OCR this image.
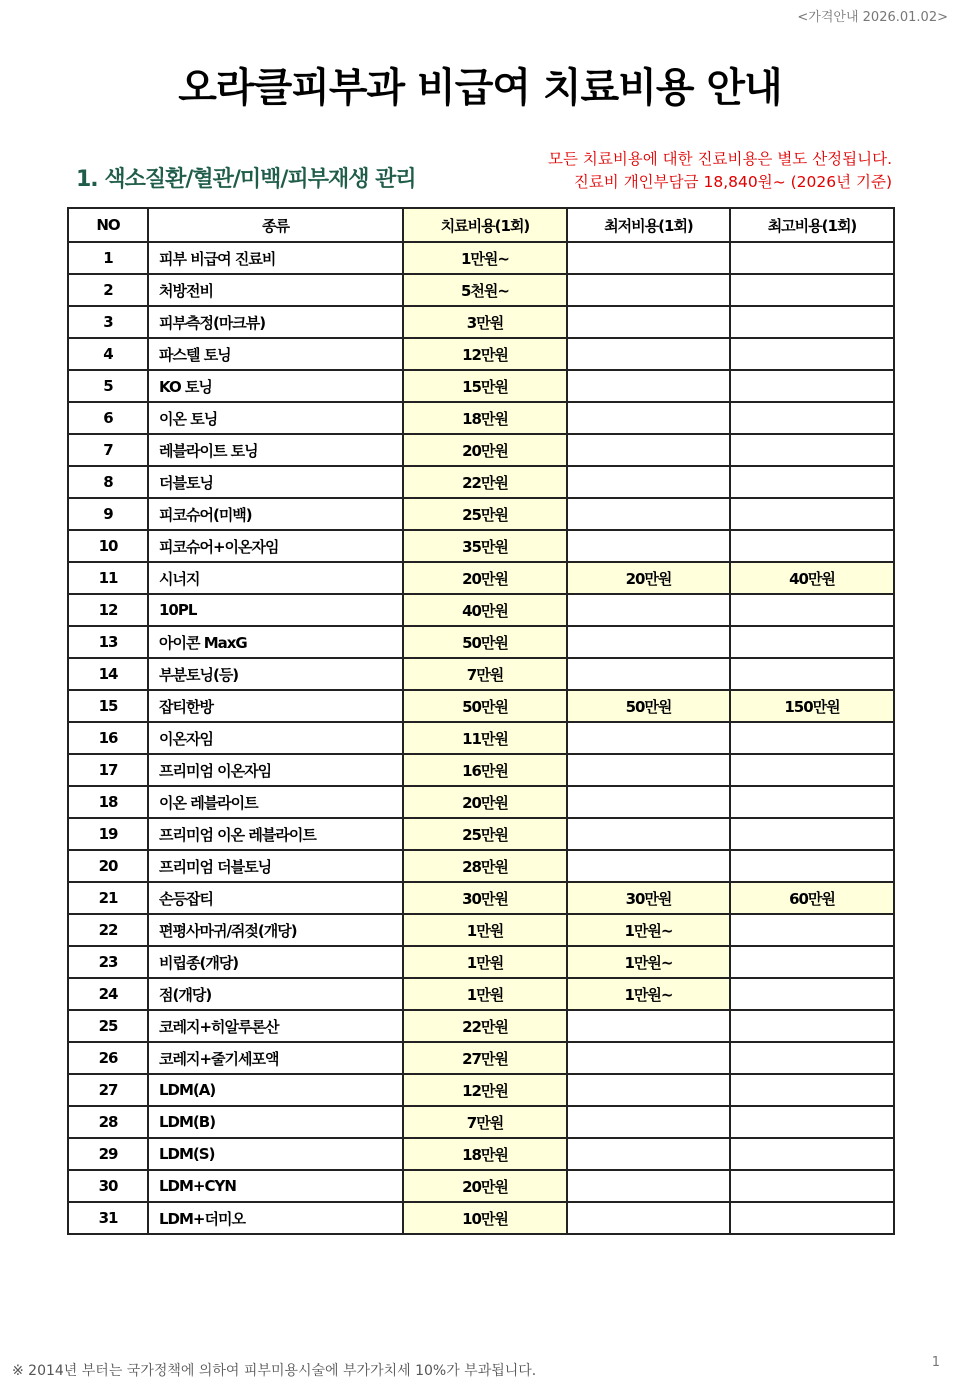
<가격안내 2026.01.02>
오라클피부과 비급여 치료비용 안내
1. 색소질환/혈관/미백/피부재생 관리
모든 치료비용에 대한 진료비용은 별도 산정됩니다.
진료비 개인부담금 18,840원~ (2026년 기준)
NO	종류	치료비용(1회)	최저비용(1회)	최고비용(1회)
1	피부 비급여 진료비	1만원~		
2	처방전비	5천원~		
3	피부측정(마크뷰)	3만원		
4	파스텔 토닝	12만원		
5	KO 토닝	15만원		
6	이온 토닝	18만원		
7	레블라이트 토닝	20만원		
8	더블토닝	22만원		
9	피코슈어(미백)	25만원		
10	피코슈어+이온자임	35만원		
11	시너지	20만원	20만원	40만원
12	10PL	40만원		
13	아이콘 MaxG	50만원		
14	부분토닝(등)	7만원		
15	잡티한방	50만원	50만원	150만원
16	이온자임	11만원		
17	프리미엄 이온자임	16만원		
18	이온 레블라이트	20만원		
19	프리미엄 이온 레블라이트	25만원		
20	프리미엄 더블토닝	28만원		
21	손등잡티	30만원	30만원	60만원
22	편평사마귀/쥐젖(개당)	1만원	1만원~	
23	비립종(개당)	1만원	1만원~	
24	점(개당)	1만원	1만원~	
25	코레지+히알루론산	22만원		
26	코레지+줄기세포액	27만원		
27	LDM(A)	12만원		
28	LDM(B)	7만원		
29	LDM(S)	18만원		
30	LDM+CYN	20만원		
31	LDM+더미오	10만원		
※ 2014년 부터는 국가정책에 의하여 피부미용시술에 부가가치세 10%가 부과됩니다.
1
